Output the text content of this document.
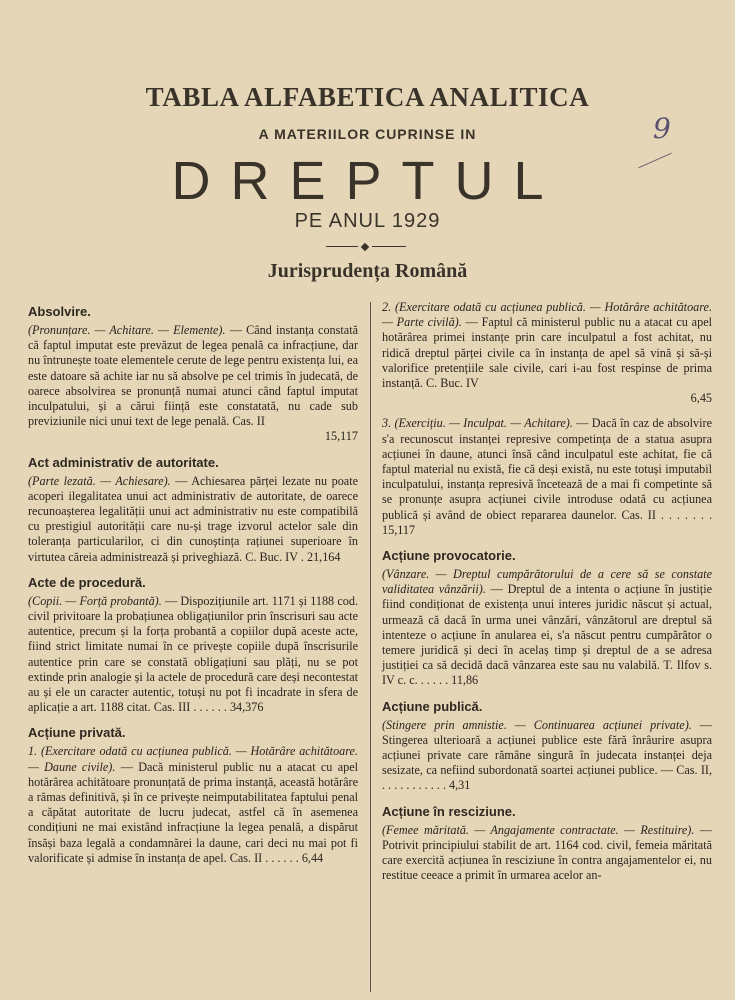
9
TABLA ALFABETICA ANALITICA
A MATERIILOR CUPRINSE IN
DREPTUL
PE ANUL 1929
Jurisprudența Română
Absolvire.
(Pronunțare. — Achitare. — Elemente). — Când instanța constată că faptul imputat este prevăzut de legea penală ca infracțiune, dar nu întrunește toate elementele cerute de lege pentru existența lui, ea este datoare să achite iar nu să absolve pe cel trimis în judecată, de oarece absolvirea se pronunță numai atunci când faptul imputat inculpatului, și a cărui ființă este constatată, nu cade sub previziunile nici unui text de lege penală. Cas. II
15,117
Act administrativ de autoritate.
(Parte lezată. — Achiesare). — Achiesarea părței lezate nu poate acoperi ilegalitatea unui act administrativ de autoritate, de oarece recunoașterea legalității unui act administrativ nu este compatibilă cu prestigiul autorității care nu-și trage izvorul actelor sale din toleranța particularilor, ci din cunoștința rațiunei superioare în virtutea căreia administrează și priveghiază. C. Buc. IV . 21,164
Acte de procedură.
(Copii. — Forță probantă). — Dispozițiunile art. 1171 și 1188 cod. civil privitoare la probațiunea obligațiunilor prin înscrisuri sau acte autentice, precum și la forța probantă a copiilor după aceste acte, fiind strict limitate numai în ce privește copiile după înscrisurile autentice prin care se constată obligațiuni sau plăți, nu se pot extinde prin analogie și la actele de procedură care deși necontestat au și ele un caracter autentic, totuși nu pot fi incadrate in sfera de aplicație a art. 1188 citat. Cas. III . . . . . . 34,376
Acțiune privată.
1. (Exercitare odată cu acțiunea publică. — Hotărâre achitătoare. — Daune civile). — Dacă ministerul public nu a atacat cu apel hotărârea achitătoare pronunțată de prima instanță, această hotărâre a rămas definitivă, și în ce privește neimputabilitatea faptului penal a căpătat autoritate de lucru judecat, astfel că în asemenea condițiuni ne mai existând infracțiune la legea penală, a dispărut însăși baza legală a condamnărei la daune, cari deci nu mai pot fi valorificate și admise în instanța de apel. Cas. II . . . . . . 6,44
2. (Exercitare odată cu acțiunea publică. — Hotărâre achitătoare. — Parte civilă). — Faptul că ministerul public nu a atacat cu apel hotărârea primei instanțe prin care inculpatul a fost achitat, nu ridică dreptul părței civile ca în instanța de apel să vină și să-și valorifice pretențiile sale civile, cari i-au fost respinse de prima instanță. C. Buc. IV
6,45
3. (Exercițiu. — Inculpat. — Achitare). — Dacă în caz de absolvire s'a recunoscut instanței represive competința de a statua asupra acțiunei în daune, atunci însă când inculpatul este achitat, fie că faptul material nu există, fie că deși există, nu este totuși imputabil inculpatului, instanța represivă încetează de a mai fi competinte să se pronunțe asupra acțiunei civile introduse odată cu acțiunea publică și având de obiect repararea daunelor. Cas. II . . . . . . . 15,117
Acțiune provocatorie.
(Vânzare. — Dreptul cumpărătorului de a cere să se constate validitatea vânzării). — Dreptul de a intenta o acțiune în justiție fiind condiționat de existența unui interes juridic născut și actual, urmează că dacă în urma unei vânzări, vânzătorul are dreptul să intenteze o acțiune în anularea ei, s'a născut pentru cumpărător o temere juridică și deci în acelaș timp și dreptul de a se adresa justiției ca să decidă dacă vânzarea este sau nu valabilă. T. Ilfov s. IV c. c. . . . . . 11,86
Acțiune publică.
(Stingere prin amnistie. — Continuarea acțiunei private). — Stingerea ulterioară a acțiunei publice este fără înrâurire asupra acțiunei private care rămâne singură în judecata instanței deja sesizate, ca nefiind subordonată soartei acțiunei publice. — Cas. II, . . . . . . . . . . . 4,31
Acțiune în resciziune.
(Femee măritată. — Angajamente contractate. — Restituire). — Potrivit principiului stabilit de art. 1164 cod. civil, femeia măritată care exercită acțiunea în resciziune în contra angajamentelor ei, nu restitue ceeace a primit în urmarea acelor an-
